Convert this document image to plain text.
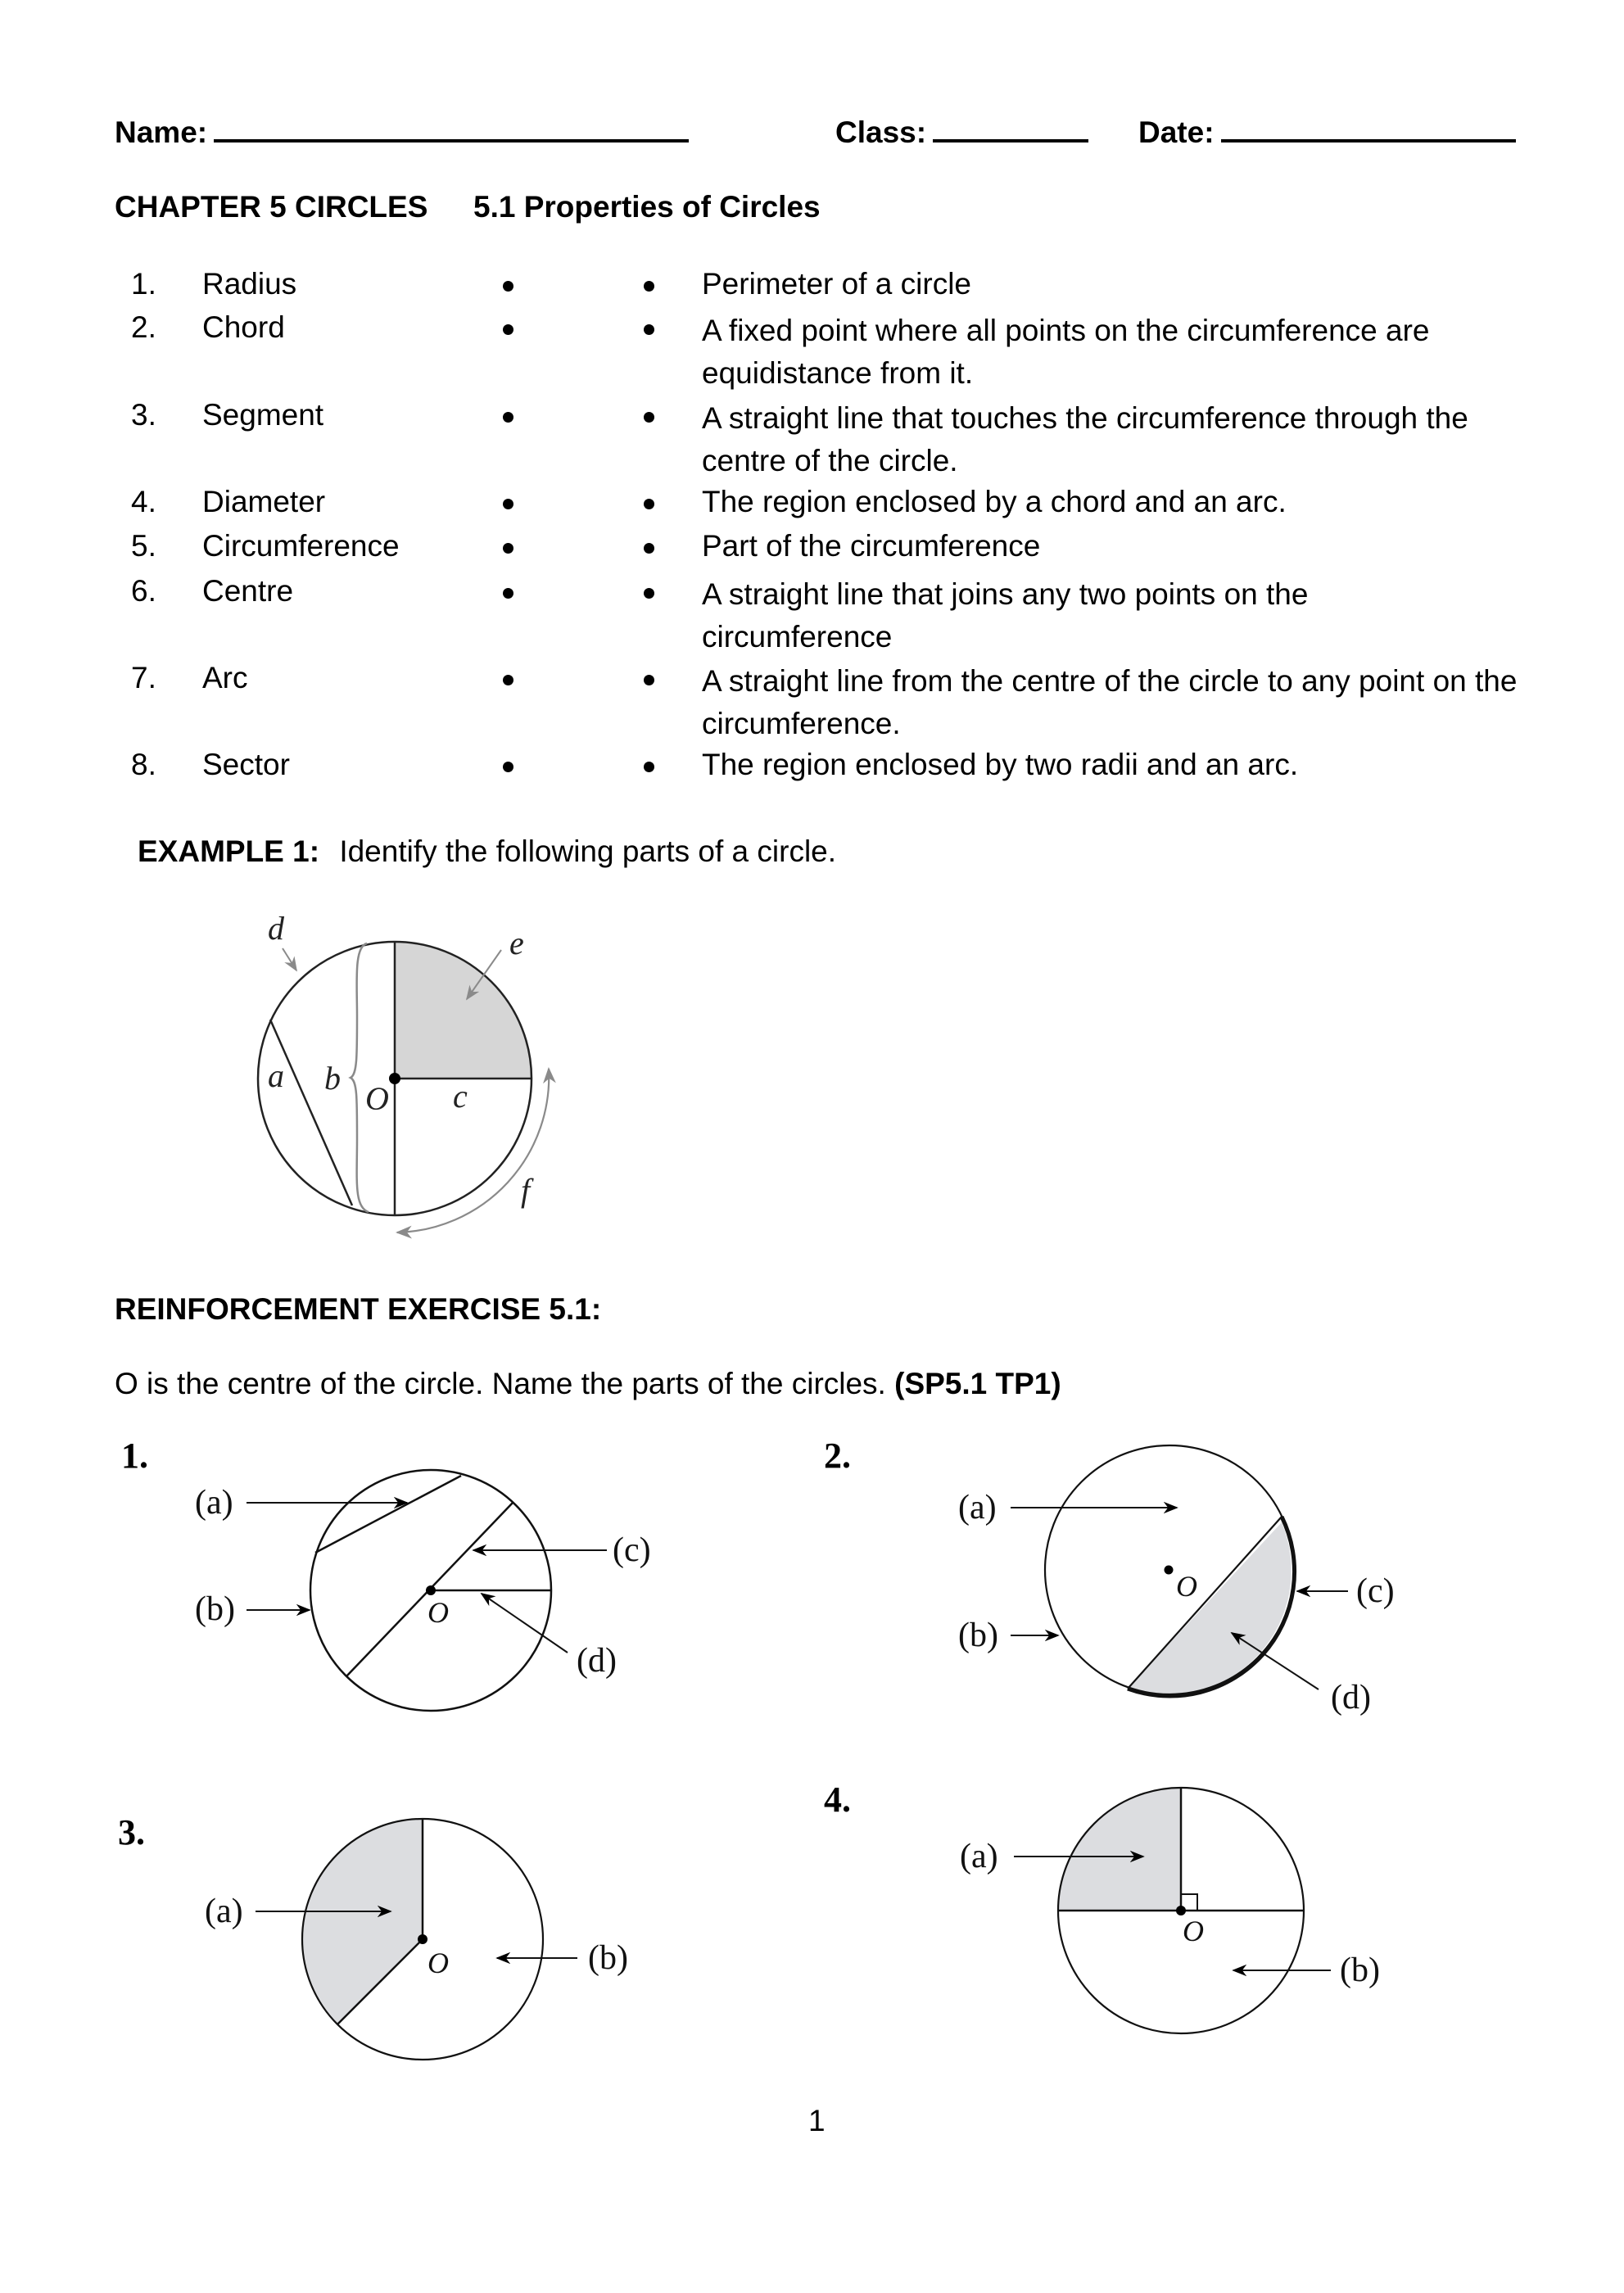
Name:	Class:	Date:
CHAPTER 5 CIRCLES 5.1 Properties of Circles
1.	Radius	Perimeter of a circle
2.	Chord	A fixed point where all points on the circumference are equidistance from it.
3.	Segment	A straight line that touches the circumference through the centre of the circle.
4.	Diameter	The region enclosed by a chord and an arc.
5.	Circumference	Part of the circumference
6.	Centre	A straight line that joins any two points on the circumference
7.	Arc	A straight line from the centre of the circle to any point on the circumference.
8.	Sector	The region enclosed by two radii and an arc.
EXAMPLE 1: Identify the following parts of a circle.
d	e
a b
O c
f
REINFORCEMENT EXERCISE 5.1:
O is the centre of the circle. Name the parts of the circles. (SP5.1 TP1)
1.	2.
3.
4.
(a)
(b)
(c)
(d)
O
(a)
(b)
(c)
(d)
O
(a)
(b)
O
(a)
(b)
O
1
